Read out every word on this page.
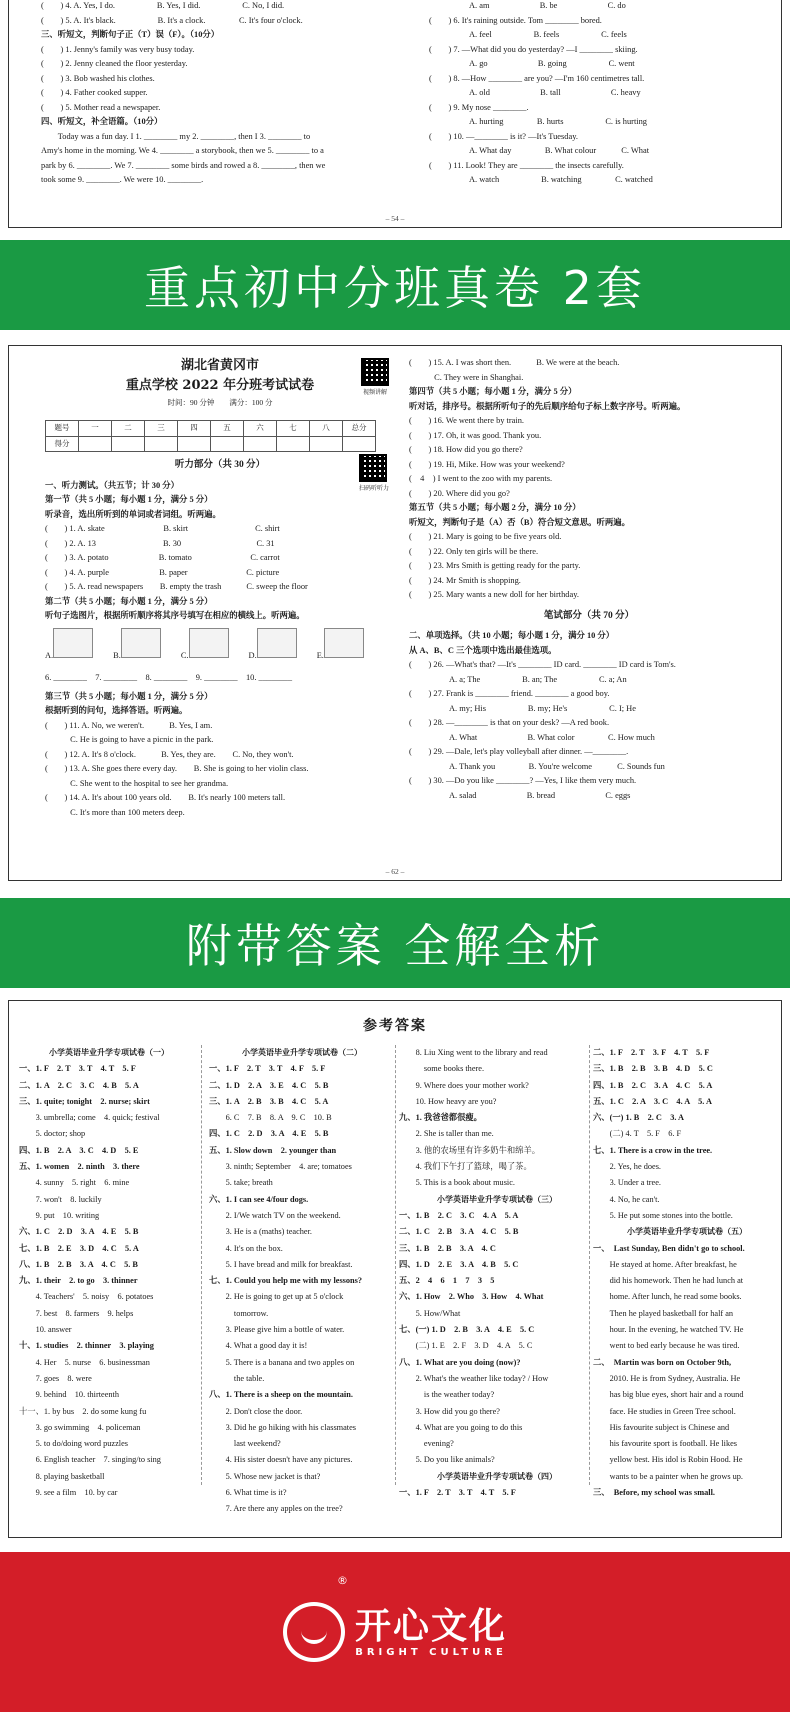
(　　) 4. A. Yes, I do.　　　　　B. Yes, I did.　　　　　C. No, I did.
(　　) 5. A. It's black.　　　　　B. It's a clock.　　　　C. It's four o'clock.
三、听短文，判断句子正（T）误（F）。（10分）
(　　) 1. Jenny's family was very busy today.
(　　) 2. Jenny cleaned the floor yesterday.
(　　) 3. Bob washed his clothes.
(　　) 4. Father cooked supper.
(　　) 5. Mother read a newspaper.
四、听短文，补全语篇。（10分）
　　Today was a fun day. I 1. ________ my 2. ________, then I 3. ________ to
Amy's home in the morning. We 4. ________ a storybook, then we 5. ________ to a
park by 6. ________. We 7. ________ some birds and rowed a 8. ________, then we
took some 9. ________. We were 10. ________.
A. am　　　　　　B. be　　　　　　C. do
(　　) 6. It's raining outside. Tom ________ bored.
A. feel　　　　　B. feels　　　　　C. feels
(　　) 7. —What did you do yesterday? —I ________ skiing.
A. go　　　　　　B. going　　　　　C. went
(　　) 8. —How ________ are you? —I'm 160 centimetres tall.
A. old　　　　　　B. tall　　　　　　C. heavy
(　　) 9. My nose ________.
A. hurting　　　　B. hurts　　　　　C. is hurting
(　　) 10. —________ is it? —It's Tuesday.
A. What day　　　　B. What colour　　　C. What
(　　) 11. Look! They are ________ the insects carefully.
A. watch　　　　　B. watching　　　　C. watched
– 54 –
重点初中分班真卷 2套
湖北省黄冈市
重点学校 2022 年分班考试试卷
时间：90 分钟　　满分：100 分
视频讲解
题号	一	二	三	四	五	六	七	八	总分
得分									
听力部分（共 30 分）
扫码听听力
一、听力测试。（共五节；计 30 分）
第一节（共 5 小题；每小题 1 分，满分 5 分）
听录音，选出所听到的单词或者词组。听两遍。
(　　) 1. A. skate　　　　　　　B. skirt　　　　　　　　C. shirt
(　　) 2. A. 13　　　　　　　　B. 30　　　　　　　　　C. 31
(　　) 3. A. potato　　　　　　B. tomato　　　　　　　C. carrot
(　　) 4. A. purple　　　　　　B. paper　　　　　　　C. picture
(　　) 5. A. read newspapers　　B. empty the trash　　　C. sweep the floor
第二节（共 5 小题；每小题 1 分，满分 5 分）
听句子选图片，根据所听顺序将其序号填写在相应的横线上。听两遍。
A.	B.	C.	D.	E.
6. ________　7. ________　8. ________　9. ________　10. ________
第三节（共 5 小题；每小题 1 分，满分 5 分）
根据听到的问句，选择答语。听两遍。
(　　) 11. A. No, we weren't.　　　B. Yes, I am.
　　　C. He is going to have a picnic in the park.
(　　) 12. A. It's 8 o'clock.　　　B. Yes, they are.　　C. No, they won't.
(　　) 13. A. She goes there every day.　　B. She is going to her violin class.
　　　C. She went to the hospital to see her grandma.
(　　) 14. A. It's about 100 years old.　　B. It's nearly 100 meters tall.
　　　C. It's more than 100 meters deep.
(　　) 15. A. I was short then.　　　B. We were at the beach.
　　　C. They were in Shanghai.
第四节（共 5 小题；每小题 1 分，满分 5 分）
听对话，排序号。根据所听句子的先后顺序给句子标上数字序号。听两遍。
(　　) 16. We went there by train.
(　　) 17. Oh, it was good. Thank you.
(　　) 18. How did you go there?
(　　) 19. Hi, Mike. How was your weekend?
(　4　) I went to the zoo with my parents.
(　　) 20. Where did you go?
第五节（共 5 小题；每小题 2 分，满分 10 分）
听短文，判断句子是（A）否（B）符合短文意思。听两遍。
(　　) 21. Mary is going to be five years old.
(　　) 22. Only ten girls will be there.
(　　) 23. Mrs Smith is getting ready for the party.
(　　) 24. Mr Smith is shopping.
(　　) 25. Mary wants a new doll for her birthday.
笔试部分（共 70 分）
二、单项选择。（共 10 小题；每小题 1 分，满分 10 分）
从 A、B、C 三个选项中选出最佳选项。
(　　) 26. —What's that? —It's ________ ID card. ________ ID card is Tom's.
A. a; The　　　　　B. an; The　　　　　C. a; An
(　　) 27. Frank is ________ friend. ________ a good boy.
A. my; His　　　　　B. my; He's　　　　　C. I; He
(　　) 28. —________ is that on your desk? —A red book.
A. What　　　　　　B. What color　　　　C. How much
(　　) 29. —Dale, let's play volleyball after dinner. —________.
A. Thank you　　　　B. You're welcome　　　C. Sounds fun
(　　) 30. —Do you like ________? —Yes, I like them very much.
A. salad　　　　　　B. bread　　　　　　C. eggs
– 62 –
附带答案 全解全析
参考答案
小学英语毕业升学专项试卷（一）
一、1. F　2. T　3. T　4. T　5. F
二、1. A　2. C　3. C　4. B　5. A
三、1. quite; tonight　2. nurse; skirt
　　3. umbrella; come　4. quick; festival
　　5. doctor; shop
四、1. B　2. A　3. C　4. D　5. E
五、1. women　2. ninth　3. there
　　4. sunny　5. right　6. mine
　　7. won't　8. luckily
　　9. put　10. writing
六、1. C　2. D　3. A　4. E　5. B
七、1. B　2. E　3. D　4. C　5. A
八、1. B　2. B　3. A　4. C　5. B
九、1. their　2. to go　3. thinner
　　4. Teachers'　5. noisy　6. potatoes
　　7. best　8. farmers　9. helps
　　10. answer
十、1. studies　2. thinner　3. playing
　　4. Her　5. nurse　6. businessman
　　7. goes　8. were
　　9. behind　10. thirteenth
十一、1. by bus　2. do some kung fu
　　3. go swimming　4. policeman
　　5. to do/doing word puzzles
　　6. English teacher　7. singing/to sing
　　8. playing basketball
　　9. see a film　10. by car
小学英语毕业升学专项试卷（二）
一、1. F　2. T　3. T　4. F　5. F
二、1. D　2. A　3. E　4. C　5. B
三、1. A　2. B　3. B　4. C　5. A
　　6. C　7. B　8. A　9. C　10. B
四、1. C　2. D　3. A　4. E　5. B
五、1. Slow down　2. younger than
　　3. ninth; September　4. are; tomatoes
　　5. take; breath
六、1. I can see 4/four dogs.
　　2. I/We watch TV on the weekend.
　　3. He is a (maths) teacher.
　　4. It's on the box.
　　5. I have bread and milk for breakfast.
七、1. Could you help me with my lessons?
　　2. He is going to get up at 5 o'clock
　　　tomorrow.
　　3. Please give him a bottle of water.
　　4. What a good day it is!
　　5. There is a banana and two apples on
　　　the table.
八、1. There is a sheep on the mountain.
　　2. Don't close the door.
　　3. Did he go hiking with his classmates
　　　last weekend?
　　4. His sister doesn't have any pictures.
　　5. Whose new jacket is that?
　　6. What time is it?
　　7. Are there any apples on the tree?
　　8. Liu Xing went to the library and read
　　　some books there.
　　9. Where does your mother work?
　　10. How heavy are you?
九、1. 我爸爸都很瘦。
　　2. She is taller than me.
　　3. 他的农场里有许多奶牛和绵羊。
　　4. 我们下午打了篮球，喝了茶。
　　5. This is a book about music.
小学英语毕业升学专项试卷（三）
一、1. B　2. C　3. C　4. A　5. A
二、1. C　2. B　3. A　4. C　5. B
三、1. B　2. B　3. A　4. C
四、1. D　2. E　3. A　4. B　5. C
五、2　4　6　1　7　3　5
六、1. How　2. Who　3. How　4. What
　　5. How/What
七、(一) 1. D　2. B　3. A　4. E　5. C
　　(二) 1. E　2. F　3. D　4. A　5. C
八、1. What are you doing (now)?
　　2. What's the weather like today? / How
　　　is the weather today?
　　3. How did you go there?
　　4. What are you going to do this
　　　evening?
　　5. Do you like animals?
小学英语毕业升学专项试卷（四）
一、1. F　2. T　3. T　4. T　5. F
二、1. F　2. T　3. F　4. T　5. F
三、1. B　2. B　3. B　4. D　5. C
四、1. B　2. C　3. A　4. C　5. A
五、1. C　2. A　3. C　4. A　5. A
六、(一) 1. B　2. C　3. A
　　(二) 4. T　5. F　6. F
七、1. There is a crow in the tree.
　　2. Yes, he does.
　　3. Under a tree.
　　4. No, he can't.
　　5. He put some stones into the bottle.
小学英语毕业升学专项试卷（五）
一、　Last Sunday, Ben didn't go to school.
　　He stayed at home. After breakfast, he
　　did his homework. Then he had lunch at
　　home. After lunch, he read some books.
　　Then he played basketball for half an
　　hour. In the evening, he watched TV. He
　　went to bed early because he was tired.
二、　Martin was born on October 9th,
　　2010. He is from Sydney, Australia. He
　　has big blue eyes, short hair and a round
　　face. He studies in Green Tree school.
　　His favourite subject is Chinese and
　　his favourite sport is football. He likes
　　yellow best. His idol is Robin Hood. He
　　wants to be a painter when he grows up.
三、　Before, my school was small.
开心文化
BRIGHT CULTURE
®
